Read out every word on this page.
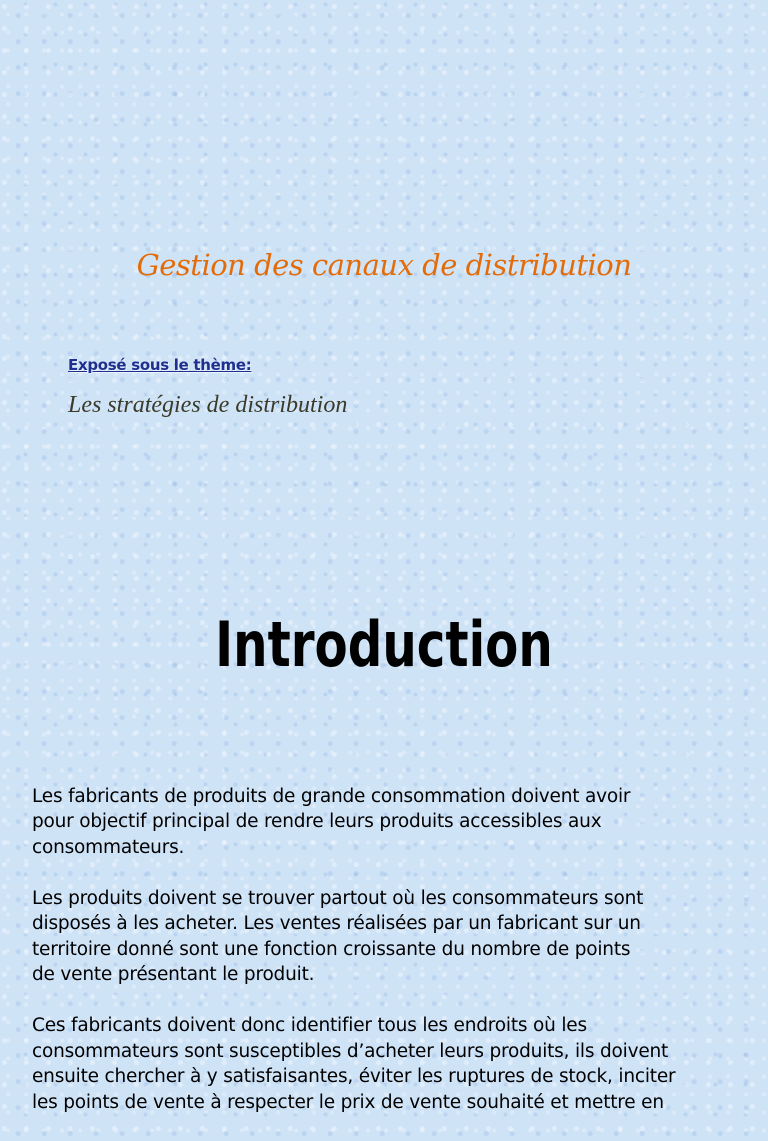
Gestion des canaux de distribution
Exposé sous le thème:
Les stratégies de distribution
Introduction

Les fabricants de produits de grande consommation doivent avoir
pour objectif principal de rendre leurs produits accessibles aux
consommateurs.

Les produits doivent se trouver partout où les consommateurs sont
disposés à les acheter. Les ventes réalisées par un fabricant sur un
territoire donné sont une fonction croissante du nombre de points
de vente présentant le produit.

Ces fabricants doivent donc identifier tous les endroits où les
consommateurs sont susceptibles d’acheter leurs produits, ils doivent
ensuite chercher à y satisfaisantes, éviter les ruptures de stock, inciter
les points de vente à respecter le prix de vente souhaité et mettre en
